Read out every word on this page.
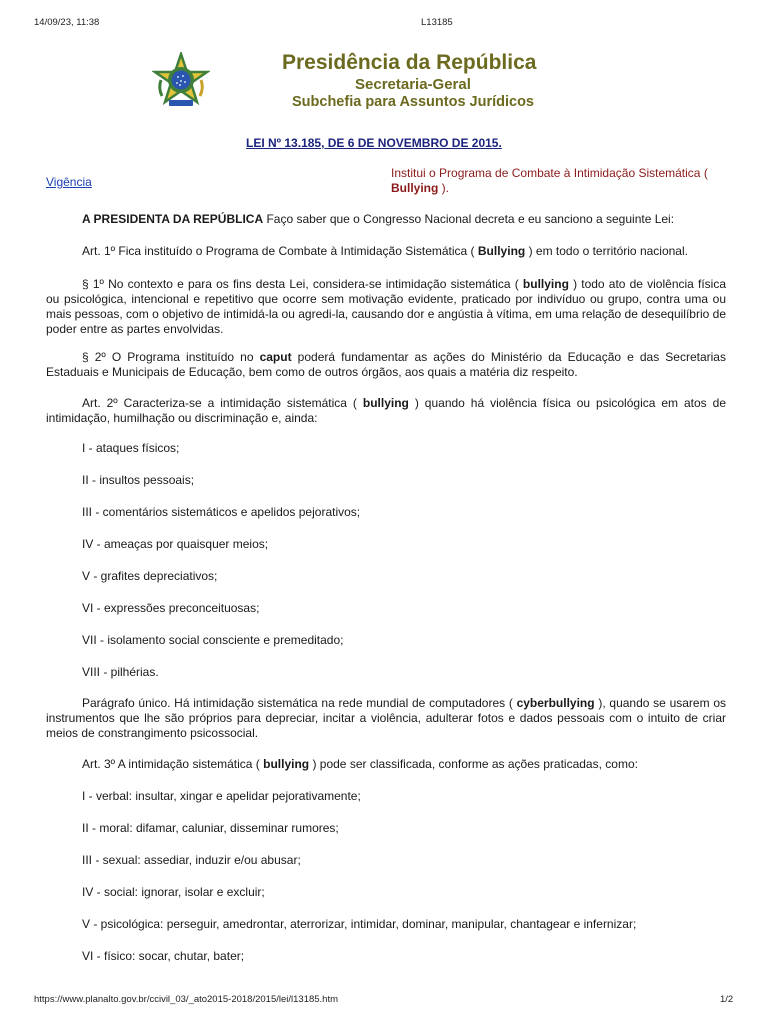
14/09/23, 11:38	L13185
https://www.planalto.gov.br/ccivil_03/_ato2015-2018/2015/lei/l13185.htm	1/2
Presidência da República
Secretaria-Geral
Subchefia para Assuntos Jurídicos
LEI Nº 13.185, DE 6 DE NOVEMBRO DE 2015.
Vigência
Institui o Programa de Combate à Intimidação Sistemática ( Bullying ).

A PRESIDENTA DA REPÚBLICA Faço saber que o Congresso Nacional decreta e eu sanciono a seguinte Lei:

Art. 1º Fica instituído o Programa de Combate à Intimidação Sistemática ( Bullying ) em todo o território nacional.

§ 1º No contexto e para os fins desta Lei, considera-se intimidação sistemática ( bullying ) todo ato de violência física ou psicológica, intencional e repetitivo que ocorre sem motivação evidente, praticado por indivíduo ou grupo, contra uma ou mais pessoas, com o objetivo de intimidá-la ou agredi-la, causando dor e angústia à vítima, em uma relação de desequilíbrio de poder entre as partes envolvidas.

§ 2º O Programa instituído no caput poderá fundamentar as ações do Ministério da Educação e das Secretarias Estaduais e Municipais de Educação, bem como de outros órgãos, aos quais a matéria diz respeito.

Art. 2º Caracteriza-se a intimidação sistemática ( bullying ) quando há violência física ou psicológica em atos de intimidação, humilhação ou discriminação e, ainda:

I - ataques físicos;
II - insultos pessoais;
III - comentários sistemáticos e apelidos pejorativos;
IV - ameaças por quaisquer meios;
V - grafites depreciativos;
VI - expressões preconceituosas;
VII - isolamento social consciente e premeditado;
VIII - pilhérias.

Parágrafo único. Há intimidação sistemática na rede mundial de computadores ( cyberbullying ), quando se usarem os instrumentos que lhe são próprios para depreciar, incitar a violência, adulterar fotos e dados pessoais com o intuito de criar meios de constrangimento psicossocial.

Art. 3º A intimidação sistemática ( bullying ) pode ser classificada, conforme as ações praticadas, como:

I - verbal: insultar, xingar e apelidar pejorativamente;
II - moral: difamar, caluniar, disseminar rumores;
III - sexual: assediar, induzir e/ou abusar;
IV - social: ignorar, isolar e excluir;
V - psicológica: perseguir, amedrontar, aterrorizar, intimidar, dominar, manipular, chantagear e infernizar;
VI - físico: socar, chutar, bater;
